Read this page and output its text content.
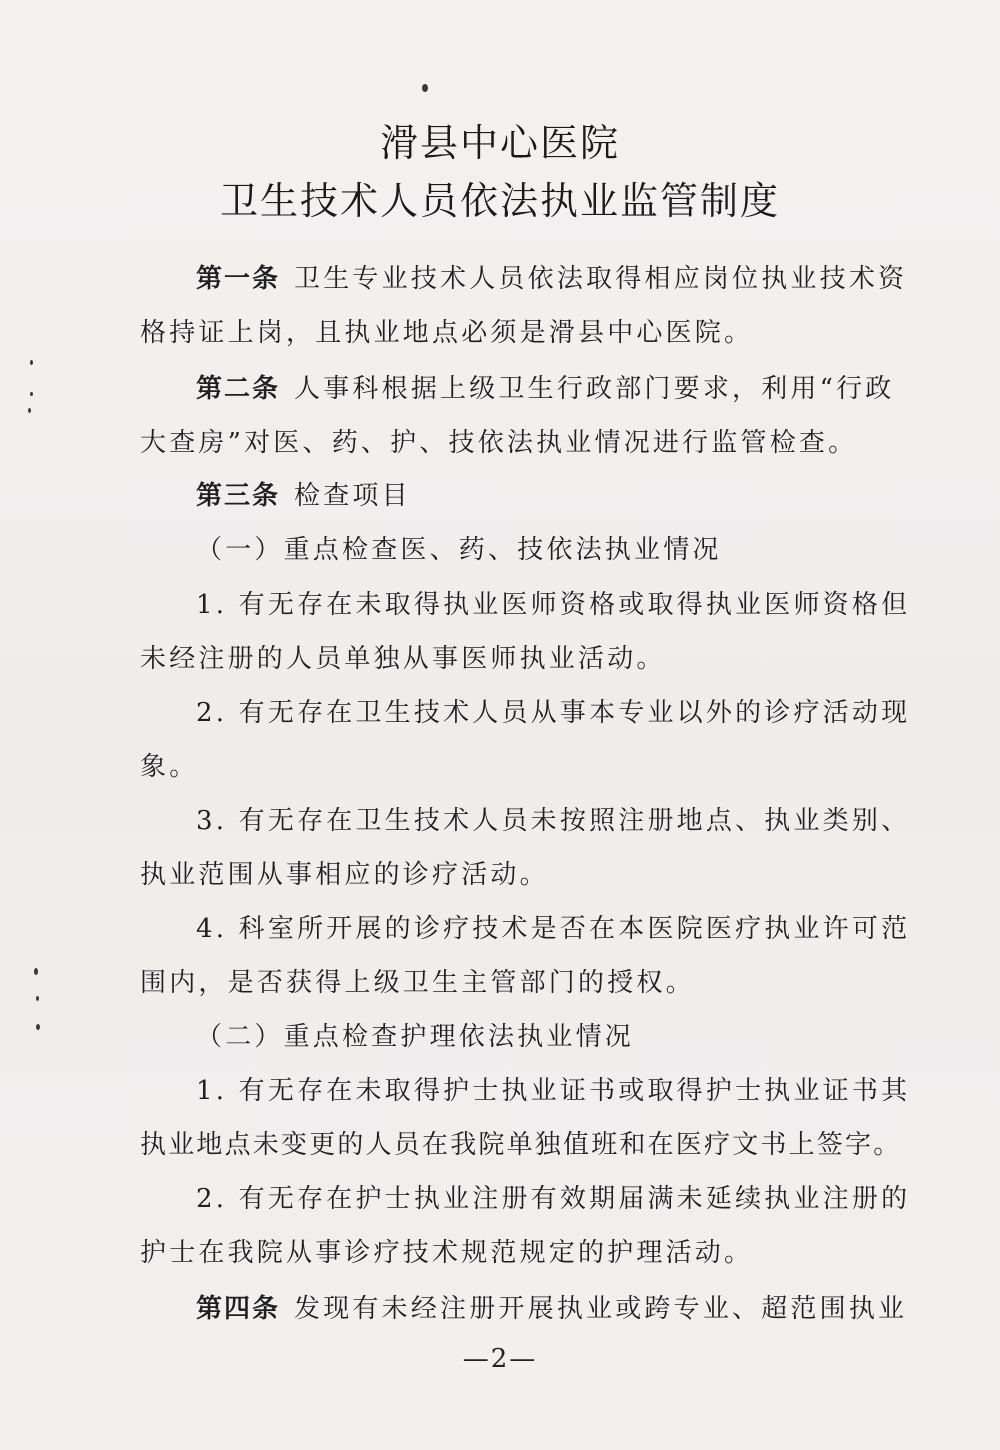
滑县中心医院
卫生技术人员依法执业监管制度
第一条 卫生专业技术人员依法取得相应岗位执业技术资
格持证上岗，且执业地点必须是滑县中心医院。
第二条 人事科根据上级卫生行政部门要求，利用“行政
大查房”对医、药、护、技依法执业情况进行监管检查。
第三条 检查项目
（一）重点检查医、药、技依法执业情况
1. 有无存在未取得执业医师资格或取得执业医师资格但
未经注册的人员单独从事医师执业活动。
2. 有无存在卫生技术人员从事本专业以外的诊疗活动现
象。
3. 有无存在卫生技术人员未按照注册地点、执业类别、
执业范围从事相应的诊疗活动。
4. 科室所开展的诊疗技术是否在本医院医疗执业许可范
围内，是否获得上级卫生主管部门的授权。
（二）重点检查护理依法执业情况
1. 有无存在未取得护士执业证书或取得护士执业证书其
执业地点未变更的人员在我院单独值班和在医疗文书上签字。
2. 有无存在护士执业注册有效期届满未延续执业注册的
护士在我院从事诊疗技术规范规定的护理活动。
第四条 发现有未经注册开展执业或跨专业、超范围执业
—2—
